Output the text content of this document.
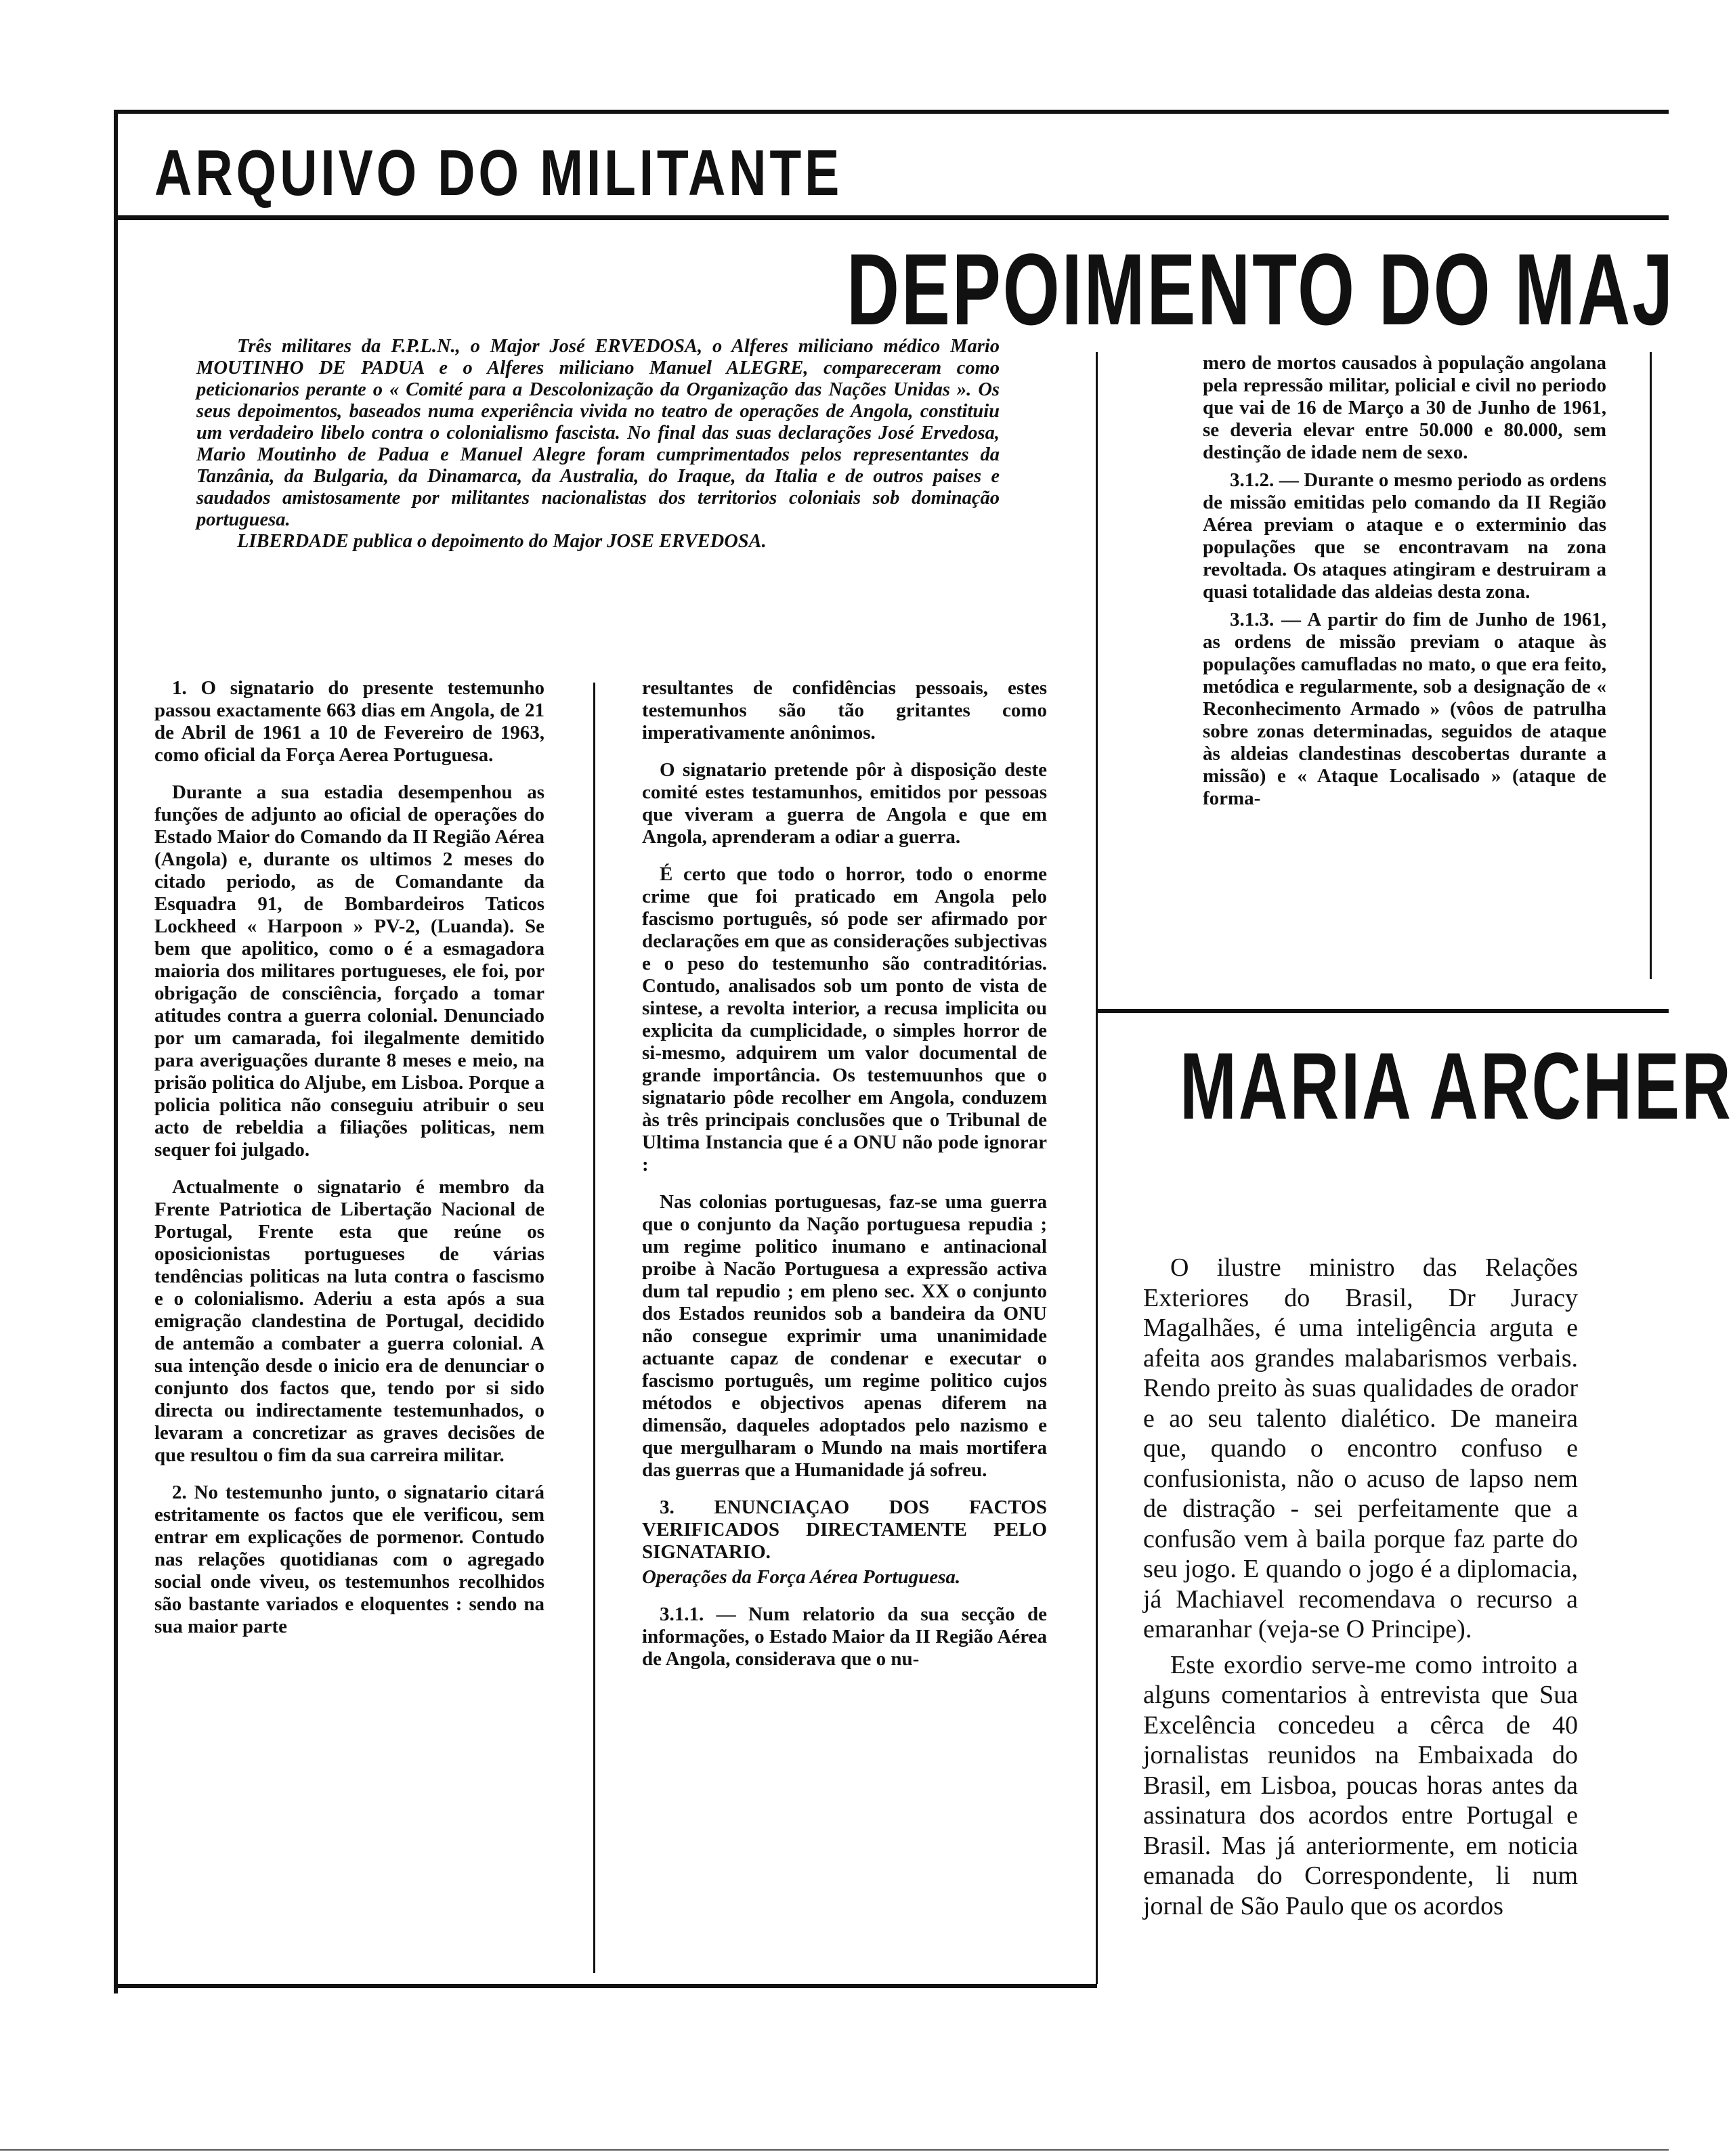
ARQUIVO DO MILITANTE
DEPOIMENTO DO MAJ

Três militares da F.P.L.N., o Major José ERVEDOSA, o Alferes miliciano médico Mario MOUTINHO DE PADUA e o Alferes miliciano Manuel ALEGRE, compareceram como peticionarios perante o « Comité para a Descolonização da Organização das Nações Unidas ». Os seus depoimentos, baseados numa experiência vivida no teatro de operações de Angola, constituiu um verdadeiro libelo contra o colonialismo fascista. No final das suas declarações José Ervedosa, Mario Moutinho de Padua e Manuel Alegre foram cumprimentados pelos representantes da Tanzânia, da Bulgaria, da Dinamarca, da Australia, do Iraque, da Italia e de outros paises e saudados amistosamente por militantes nacionalistas dos territorios coloniais sob dominação portuguesa.

LIBERDADE publica o depoimento do Major JOSE ERVEDOSA.

1. O signatario do presente testemunho passou exactamente 663 dias em Angola, de 21 de Abril de 1961 a 10 de Fevereiro de 1963, como oficial da Força Aerea Portuguesa.

Durante a sua estadia desempenhou as funções de adjunto ao oficial de operações do Estado Maior do Comando da II Região Aérea (Angola) e, durante os ultimos 2 meses do citado periodo, as de Comandante da Esquadra 91, de Bombardeiros Taticos Lockheed « Harpoon » PV-2, (Luanda). Se bem que apolitico, como o é a esmagadora maioria dos militares portugueses, ele foi, por obrigação de consciência, forçado a tomar atitudes contra a guerra colonial. Denunciado por um camarada, foi ilegalmente demitido para averiguações durante 8 meses e meio, na prisão politica do Aljube, em Lisboa. Porque a policia politica não conseguiu atribuir o seu acto de rebeldia a filiações politicas, nem sequer foi julgado.

Actualmente o signatario é membro da Frente Patriotica de Libertação Nacional de Portugal, Frente esta que reúne os oposicionistas portugueses de várias tendências politicas na luta contra o fascismo e o colonialismo. Aderiu a esta após a sua emigração clandestina de Portugal, decidido de antemão a combater a guerra colonial. A sua intenção desde o inicio era de denunciar o conjunto dos factos que, tendo por si sido directa ou indirectamente testemunhados, o levaram a concretizar as graves decisões de que resultou o fim da sua carreira militar.

2. No testemunho junto, o signatario citará estritamente os factos que ele verificou, sem entrar em explicações de pormenor. Contudo nas relações quotidianas com o agregado social onde viveu, os testemunhos recolhidos são bastante variados e eloquentes : sendo na sua maior parte

resultantes de confidências pessoais, estes testemunhos são tão gritantes como imperativamente anônimos.

O signatario pretende pôr à disposição deste comité estes testamunhos, emitidos por pessoas que viveram a guerra de Angola e que em Angola, aprenderam a odiar a guerra.

É certo que todo o horror, todo o enorme crime que foi praticado em Angola pelo fascismo português, só pode ser afirmado por declarações em que as considerações subjectivas e o peso do testemunho são contraditórias. Contudo, analisados sob um ponto de vista de sintese, a revolta interior, a recusa implicita ou explicita da cumplicidade, o simples horror de si-mesmo, adquirem um valor documental de grande importância. Os testemuunhos que o signatario pôde recolher em Angola, conduzem às três principais conclusões que o Tribunal de Ultima Instancia que é a ONU não pode ignorar :

Nas colonias portuguesas, faz-se uma guerra que o conjunto da Nação portuguesa repudia ; um regime politico inumano e antinacional proibe à Nacão Portuguesa a expressão activa dum tal repudio ; em pleno sec. XX o conjunto dos Estados reunidos sob a bandeira da ONU não consegue exprimir uma unanimidade actuante capaz de condenar e executar o fascismo português, um regime politico cujos métodos e objectivos apenas diferem na dimensão, daqueles adoptados pelo nazismo e que mergulharam o Mundo na mais mortifera das guerras que a Humanidade já sofreu.

3. ENUNCIAÇAO DOS FACTOS VERIFICADOS DIRECTAMENTE PELO SIGNATARIO.

Operações da Força Aérea Portuguesa.

3.1.1. — Num relatorio da sua secção de informações, o Estado Maior da II Região Aérea de Angola, considerava que o nu-

mero de mortos causados à população angolana pela repressão militar, policial e civil no periodo que vai de 16 de Março a 30 de Junho de 1961, se deveria elevar entre 50.000 e 80.000, sem destinção de idade nem de sexo.

3.1.2. — Durante o mesmo periodo as ordens de missão emitidas pelo comando da II Região Aérea previam o ataque e o exterminio das populações que se encontravam na zona revoltada. Os ataques atingiram e destruiram a quasi totalidade das aldeias desta zona.

3.1.3. — A partir do fim de Junho de 1961, as ordens de missão previam o ataque às populações camufladas no mato, o que era feito, metódica e regularmente, sob a designação de « Reconhecimento Armado » (vôos de patrulha sobre zonas determinadas, seguidos de ataque às aldeias clandestinas descobertas durante a missão) e « Ataque Localisado » (ataque de forma-

MARIA ARCHER

O ilustre ministro das Relações Exteriores do Brasil, Dr Juracy Magalhães, é uma inteligência arguta e afeita aos grandes malabarismos verbais. Rendo preito às suas qualidades de orador e ao seu talento dialético. De maneira que, quando o encontro confuso e confusionista, não o acuso de lapso nem de distração - sei perfeitamente que a confusão vem à baila porque faz parte do seu jogo. E quando o jogo é a diplomacia, já Machiavel recomendava o recurso a emaranhar (veja-se O Principe).

Este exordio serve-me como introito a alguns comentarios à entrevista que Sua Excelência concedeu a cêrca de 40 jornalistas reunidos na Embaixada do Brasil, em Lisboa, poucas horas antes da assinatura dos acordos entre Portugal e Brasil. Mas já anteriormente, em noticia emanada do Correspondente, li num jornal de São Paulo que os acordos
